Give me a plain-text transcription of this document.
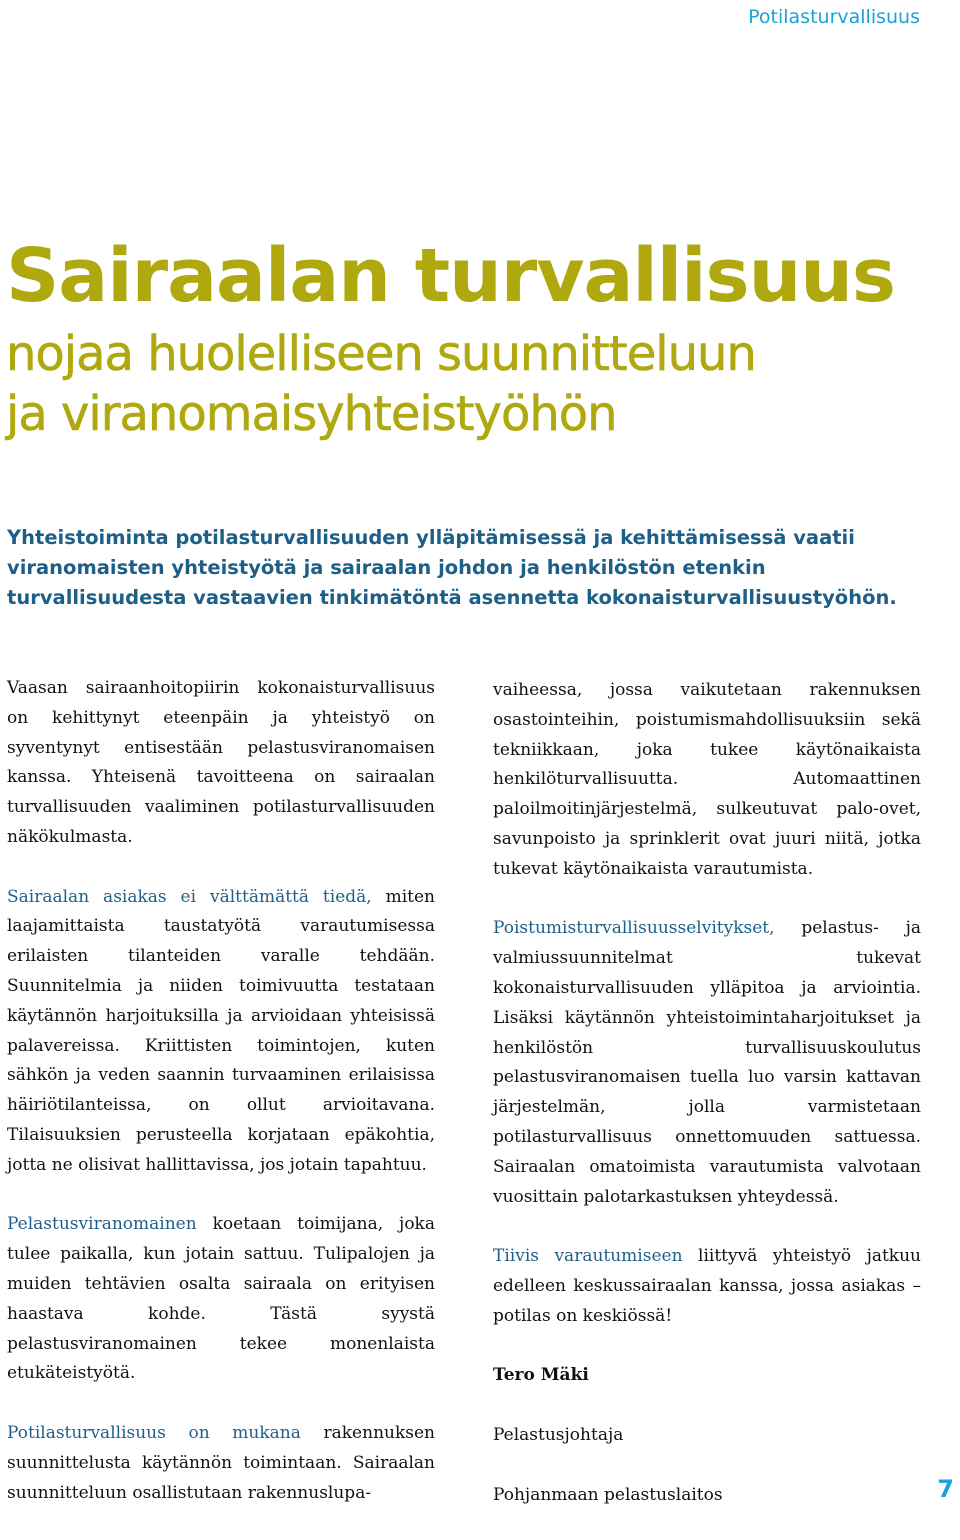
Potilasturvallisuus
Sairaalan turvallisuus
nojaa huolelliseen suunnitteluun
ja viranomaisyhteistyöhön

Yhteistoiminta potilasturvallisuuden ylläpitämisessä ja kehittämisessä vaatii viranomaisten yhteistyötä ja sairaalan johdon ja henkilöstön etenkin turvallisuudesta vastaavien tinkimätöntä asennetta kokonaisturvallisuustyöhön.

Vaasan sairaanhoitopiirin kokonaisturvallisuus on kehittynyt eteenpäin ja yhteistyö on syventynyt entisestään pelastusviranomaisen kanssa. Yhteisenä tavoitteena on sairaalan turvallisuuden vaaliminen potilasturvallisuuden näkökulmasta.

Sairaalan asiakas ei välttämättä tiedä, miten laajamittaista taustatyötä varautumisessa erilaisten tilanteiden varalle tehdään. Suunnitelmia ja niiden toimivuutta testataan käytännön harjoituksilla ja arvioidaan yhteisissä palavereissa. Kriittisten toimintojen, kuten sähkön ja veden saannin turvaaminen erilaisissa häiriötilanteissa, on ollut arvioitavana. Tilaisuuksien perusteella korjataan epäkohtia, jotta ne olisivat hallittavissa, jos jotain tapahtuu.

Pelastusviranomainen koetaan toimijana, joka tulee paikalla, kun jotain sattuu. Tulipalojen ja muiden tehtävien osalta sairaala on erityisen haastava kohde. Tästä syystä pelastusviranomainen tekee monenlaista etukäteistyötä.

Potilasturvallisuus on mukana rakennuksen suunnittelusta käytännön toimintaan. Sairaalan suunnitteluun osallistutaan rakennuslupa-

vaiheessa, jossa vaikutetaan rakennuksen osastointeihin, poistumismahdollisuuksiin sekä tekniikkaan, joka tukee käytönaikaista henkilöturvallisuutta. Automaattinen paloilmoitinjärjestelmä, sulkeutuvat palo-ovet, savunpoisto ja sprinklerit ovat juuri niitä, jotka tukevat käytönaikaista varautumista.

Poistumisturvallisuusselvitykset, pelastus- ja valmiussuunnitelmat tukevat kokonaisturvallisuuden ylläpitoa ja arviointia. Lisäksi käytännön yhteistoimintaharjoitukset ja henkilöstön turvallisuuskoulutus pelastusviranomaisen tuella luo varsin kattavan järjestelmän, jolla varmistetaan potilasturvallisuus onnettomuuden sattuessa. Sairaalan omatoimista varautumista valvotaan vuosittain palotarkastuksen yhteydessä.

Tiivis varautumiseen liittyvä yhteistyö jatkuu edelleen keskussairaalan kanssa, jossa asiakas – potilas on keskiössä!

Tero Mäki

Pelastusjohtaja

Pohjanmaan pelastuslaitos	7
